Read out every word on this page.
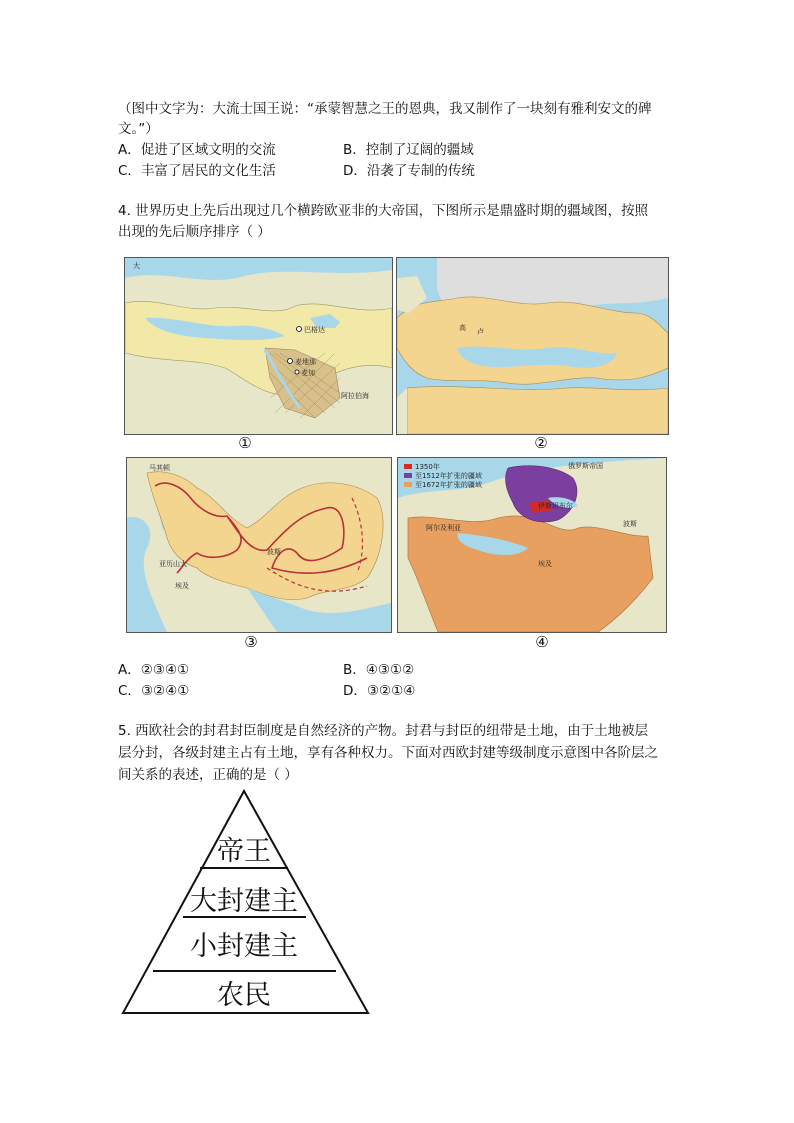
（图中文字为：大流士国王说：“承蒙智慧之王的恩典，我又制作了一块刻有雅利安文的碑
文。”）
A．促进了区域文明的交流	B．控制了辽阔的疆域
C．丰富了居民的文化生活	D．沿袭了专制的传统
4. 世界历史上先后出现过几个横跨欧亚非的大帝国，下图所示是鼎盛时期的疆域图，按照
出现的先后顺序排序（ ）
巴格达
麦地那
麦加
阿拉伯海
大
①
高 卢
②
马其顿
亚历山大
波斯
埃及
③
1350年
至1512年扩张的疆域
至1672年扩张的疆域
俄罗斯帝国
伊斯坦布尔
阿尔及利亚
埃及
波斯
④
A．②③④①	B．④③①②
C．③②④①	D．③②①④
5. 西欧社会的封君封臣制度是自然经济的产物。封君与封臣的纽带是土地，由于土地被层
层分封，各级封建主占有土地，享有各种权力。下面对西欧封建等级制度示意图中各阶层之
间关系的表述，正确的是（ ）
帝王
大封建主
小封建主
农民
